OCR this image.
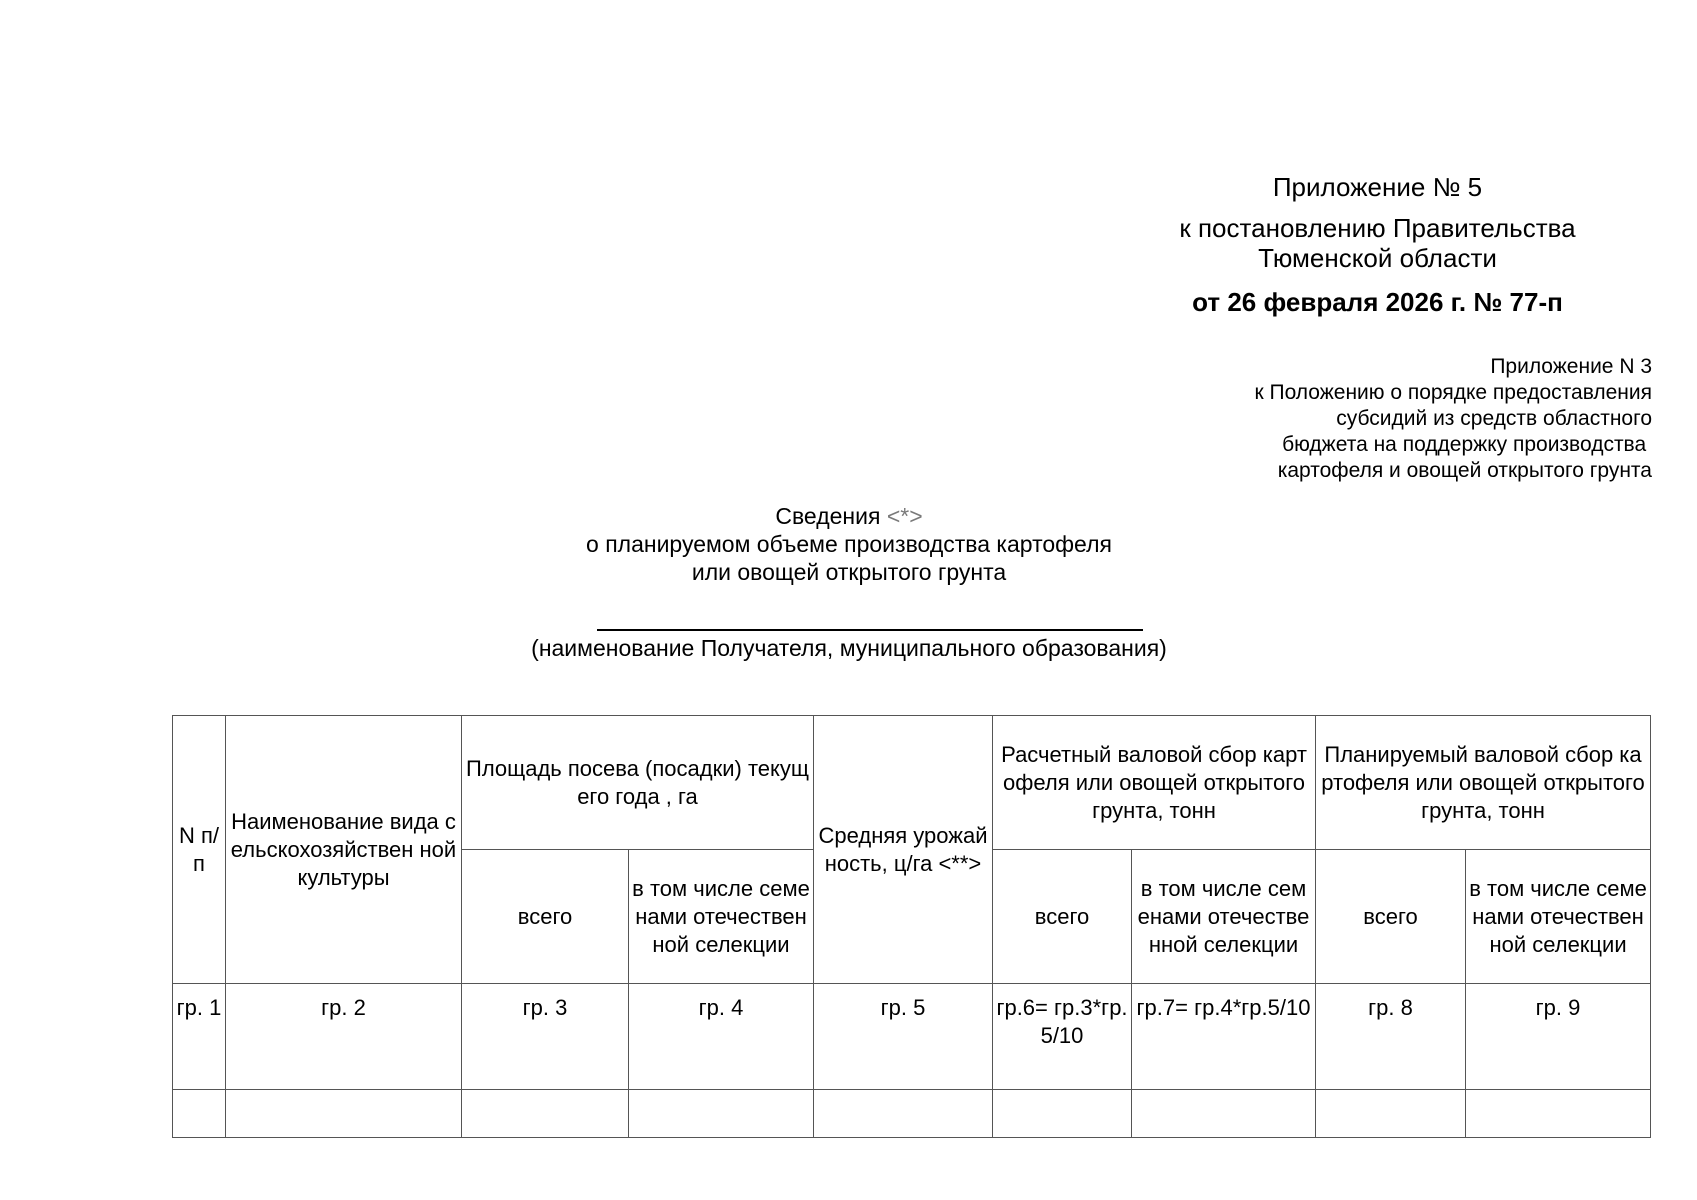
Приложение № 5
к постановлению Правительства
Тюменской области
от 26 февраля 2026 г. № 77-п
Приложение N 3
к Положению о порядке предоставления
субсидий из средств областного
бюджета на поддержку производства
картофеля и овощей открытого грунта
Сведения <*>
о планируемом объеме производства картофеля
или овощей открытого грунта
(наименование Получателя, муниципального образования)
N п/п	Наименование вида сельскохозяйствен ной культуры	Площадь посева (посадки) текущего года , га		Средняя урожайность, ц/га <**>	Расчетный валовой сбор картофеля или овощей открытого грунта, тонн		Планируемый валовой сбор картофеля или овощей открытого грунта, тонн	
		всего	в том числе семенами отечественной селекции		всего	в том числе семенами отечественной селекции	всего	в том числе семенами отечественной селекции
гр. 1	гр. 2	гр. 3	гр. 4	гр. 5	гр.6= гр.3*гр.5/10	гр.7= гр.4*гр.5/10	гр. 8	гр. 9
